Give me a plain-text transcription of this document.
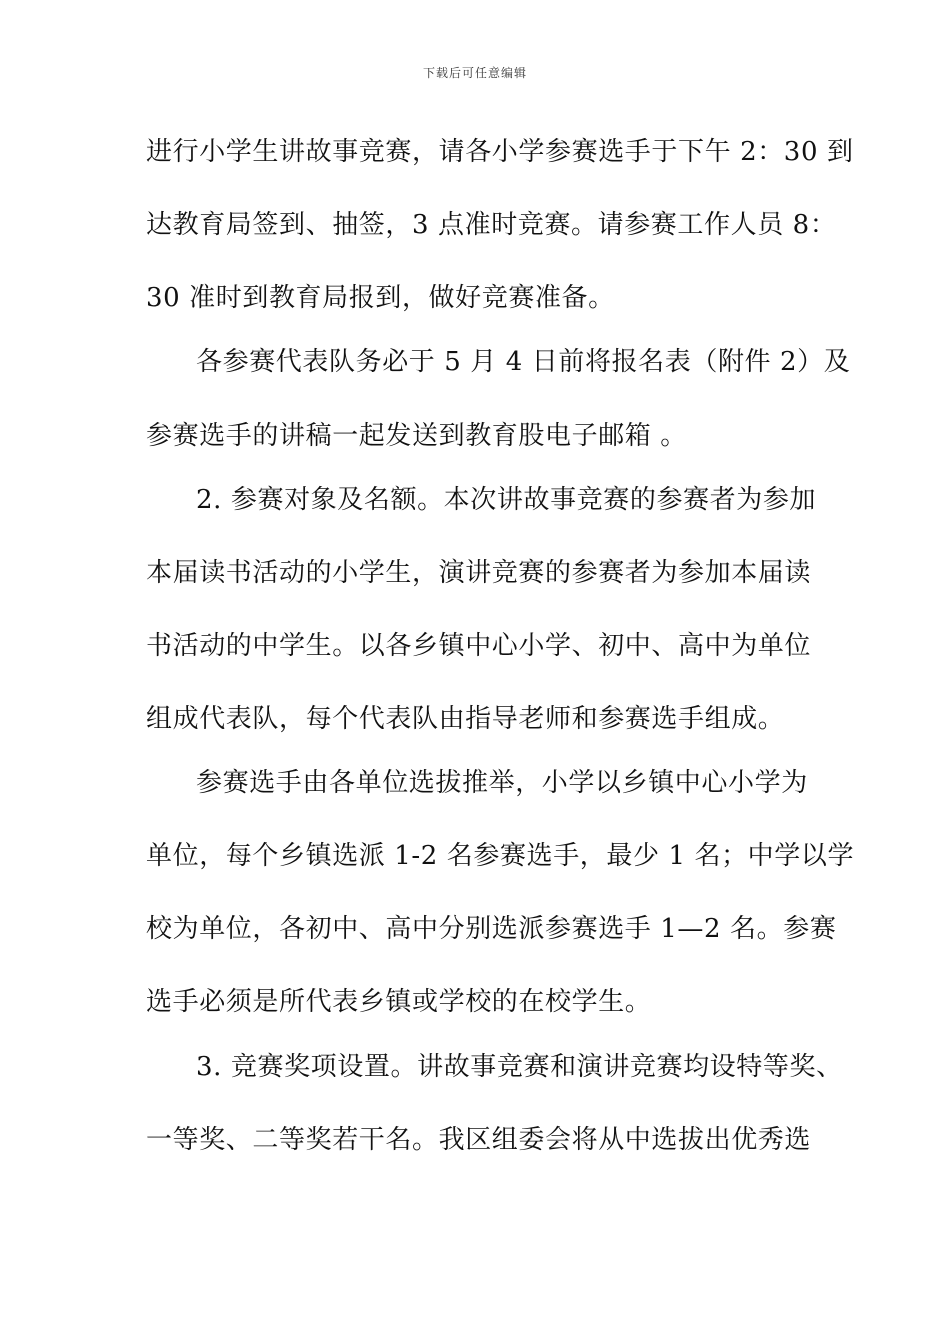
下载后可任意编辑
进行小学生讲故事竞赛，请各小学参赛选手于下午 2：30 到
达教育局签到、抽签，3 点准时竞赛。请参赛工作人员 8：
30 准时到教育局报到，做好竞赛准备。
各参赛代表队务必于 5 月 4 日前将报名表（附件 2）及
参赛选手的讲稿一起发送到教育股电子邮箱 。
2. 参赛对象及名额。本次讲故事竞赛的参赛者为参加
本届读书活动的小学生，演讲竞赛的参赛者为参加本届读
书活动的中学生。以各乡镇中心小学、初中、高中为单位
组成代表队，每个代表队由指导老师和参赛选手组成。
参赛选手由各单位选拔推举，小学以乡镇中心小学为
单位，每个乡镇选派 1-2 名参赛选手，最少 1 名；中学以学
校为单位，各初中、高中分别选派参赛选手 1—2 名。参赛
选手必须是所代表乡镇或学校的在校学生。
3. 竞赛奖项设置。讲故事竞赛和演讲竞赛均设特等奖、
一等奖、二等奖若干名。我区组委会将从中选拔出优秀选
